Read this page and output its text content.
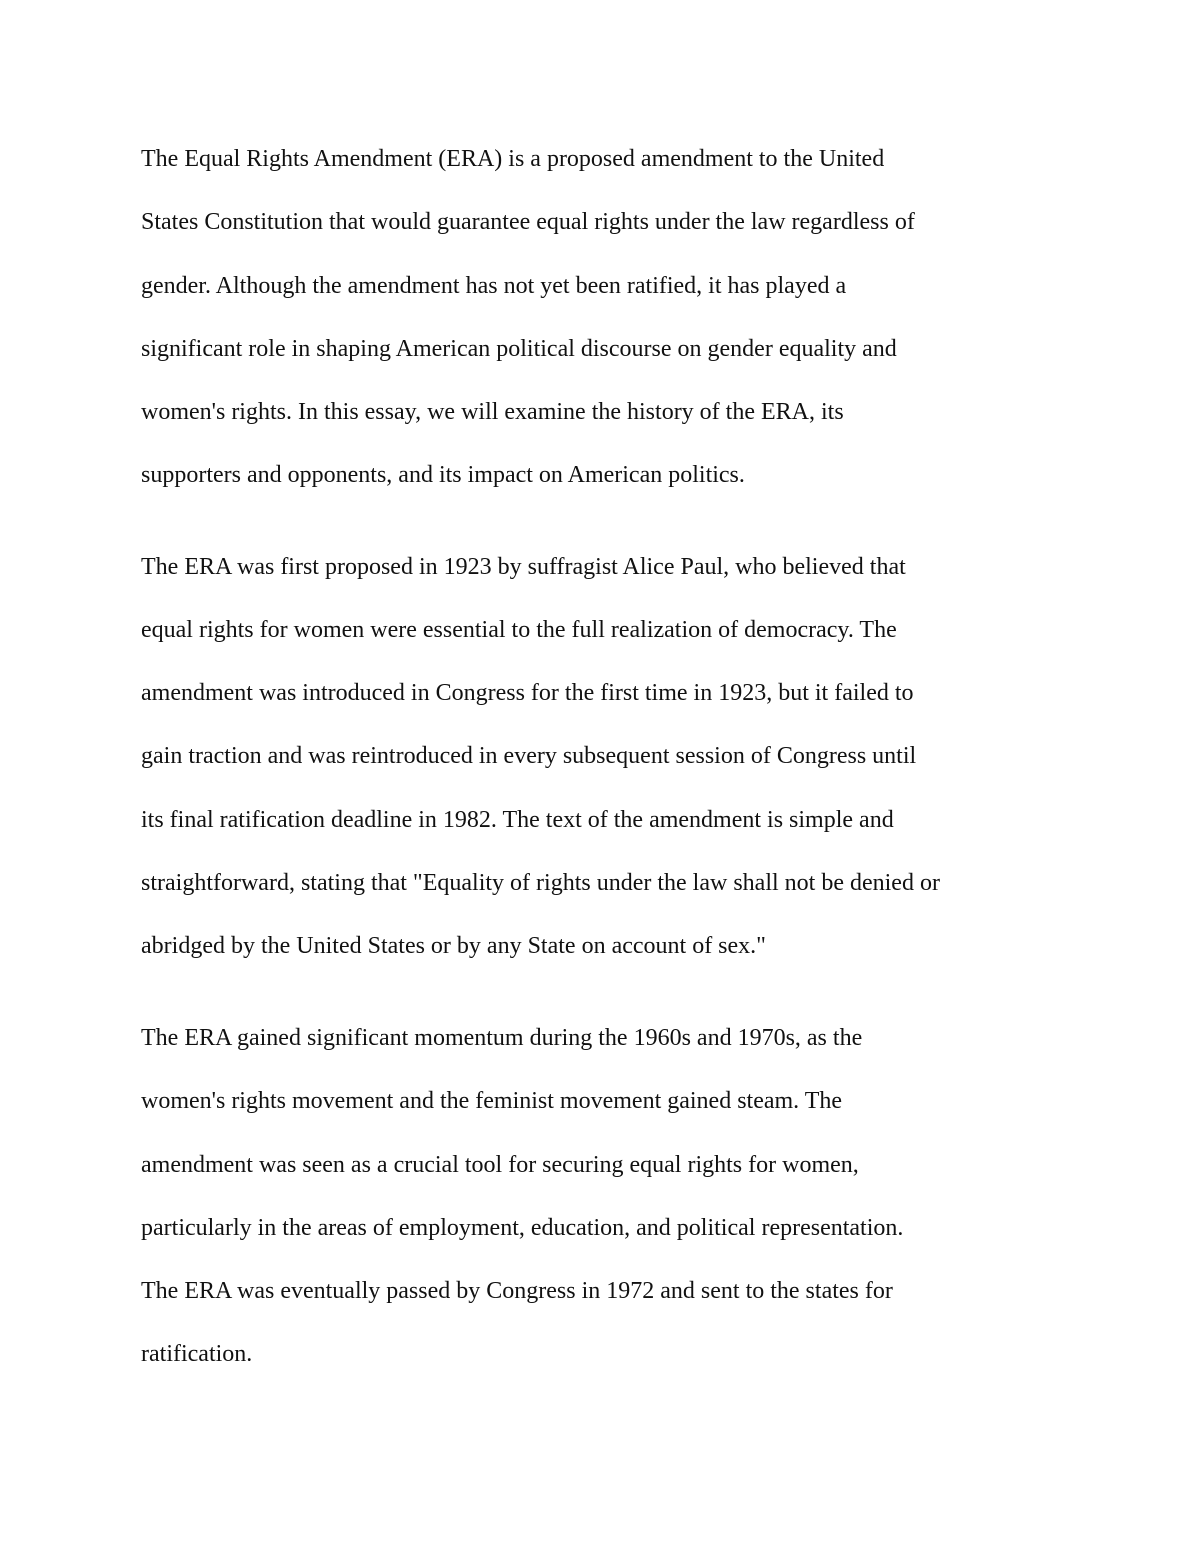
The Equal Rights Amendment (ERA) is a proposed amendment to the United
States Constitution that would guarantee equal rights under the law regardless of
gender. Although the amendment has not yet been ratified, it has played a
significant role in shaping American political discourse on gender equality and
women's rights. In this essay, we will examine the history of the ERA, its
supporters and opponents, and its impact on American politics.
The ERA was first proposed in 1923 by suffragist Alice Paul, who believed that
equal rights for women were essential to the full realization of democracy. The
amendment was introduced in Congress for the first time in 1923, but it failed to
gain traction and was reintroduced in every subsequent session of Congress until
its final ratification deadline in 1982. The text of the amendment is simple and
straightforward, stating that "Equality of rights under the law shall not be denied or
abridged by the United States or by any State on account of sex."
The ERA gained significant momentum during the 1960s and 1970s, as the
women's rights movement and the feminist movement gained steam. The
amendment was seen as a crucial tool for securing equal rights for women,
particularly in the areas of employment, education, and political representation.
The ERA was eventually passed by Congress in 1972 and sent to the states for
ratification.
